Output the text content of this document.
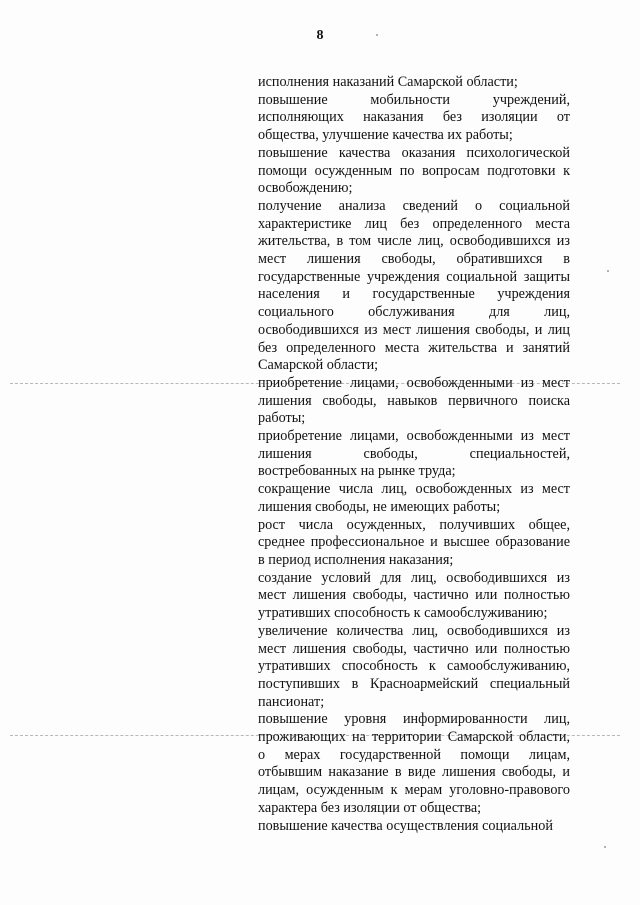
8

исполнения наказаний Самарской области;

повышение мобильности учреждений, исполняющих наказания без изоляции от общества, улучшение качества их работы;

повышение качества оказания психологической помощи осужденным по вопросам подготовки к освобождению;

получение анализа сведений о социальной характеристике лиц без определенного места жительства, в том числе лиц, освободившихся из мест лишения свободы, обратившихся в государственные учреждения социальной защиты населения и государственные учреждения социального обслуживания для лиц, освободившихся из мест лишения свободы, и лиц без определенного места жительства и занятий Самарской области;

приобретение лицами, освобожденными из мест лишения свободы, навыков первичного поиска работы;

приобретение лицами, освобожденными из мест лишения свободы, специальностей, востребованных на рынке труда;

сокращение числа лиц, освобожденных из мест лишения свободы, не имеющих работы;

рост числа осужденных, получивших общее, среднее профессиональное и высшее образование в период исполнения наказания;

создание условий для лиц, освободившихся из мест лишения свободы, частично или полностью утративших способность к самообслуживанию;

увеличение количества лиц, освободившихся из мест лишения свободы, частично или полностью утративших способность к самообслуживанию, поступивших в Красноармейский специальный пансионат;

повышение уровня информированности лиц, проживающих на территории Самарской области, о мерах государственной помощи лицам, отбывшим наказание в виде лишения свободы, и лицам, осужденным к мерам уголовно-правового характера без изоляции от общества;

повышение качества осуществления социальной
